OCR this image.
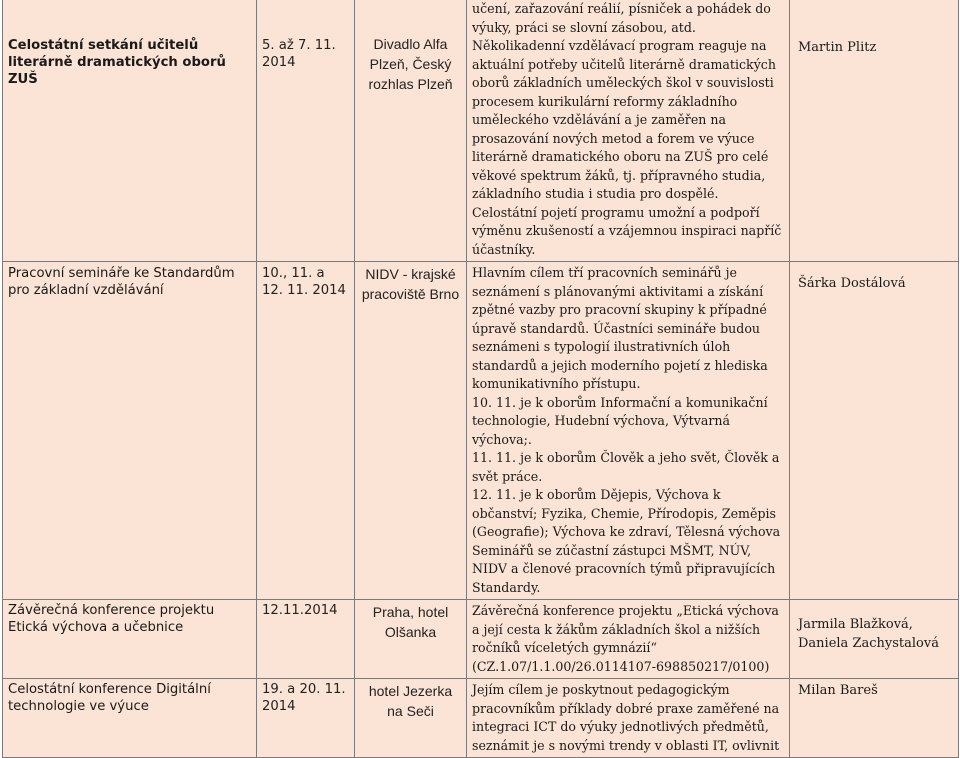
Celostátní setkání učitelů literárně dramatických oborů ZUŠ	5. až 7. 11. 2014	Divadlo Alfa Plzeň, Český rozhlas Plzeň	učení, zařazování reálií, písniček a pohádek do výuky, práci se slovní zásobou, atd.

Několikadenní vzdělávací program reaguje na aktuální potřeby učitelů literárně dramatických oborů základních uměleckých škol v souvislosti procesem kurikulární reformy základního uměleckého vzdělávání a je zaměřen na prosazování nových metod a forem ve výuce literárně dramatického oboru na ZUŠ pro celé věkové spektrum žáků, tj. přípravného studia, základního studia i studia pro dospělé. Celostátní pojetí programu umožní a podpoří výměnu zkušeností a vzájemnou inspiraci napříč účastníky.	Martin Plitz
Pracovní semináře ke Standardům pro základní vzdělávání	10., 11. a 12. 11. 2014	NIDV - krajské pracoviště Brno	Hlavním cílem tří pracovních seminářů je seznámení s plánovanými aktivitami a získání zpětné vazby pro pracovní skupiny k případné úpravě standardů. Účastníci semináře budou seznámeni s typologií ilustrativních úloh standardů a jejich moderního pojetí z hlediska komunikativního přístupu.
10. 11. je k oborům Informační a komunikační technologie, Hudební výchova, Výtvarná výchova;.
11. 11. je k oborům Člověk a jeho svět, Člověk a svět práce.
12. 11. je k oborům Dějepis, Výchova k občanství; Fyzika, Chemie, Přírodopis, Zeměpis (Geografie); Výchova ke zdraví, Tělesná výchova
Seminářů se zúčastní zástupci MŠMT, NÚV, NIDV a členové pracovních týmů připravujících Standardy.	Šárka Dostálová
Závěrečná konference projektu Etická výchova a učebnice	12.11.2014	Praha, hotel Olšanka	Závěrečná konference projektu „Etická výchova a její cesta k žákům základních škol a nižších ročníků víceletých gymnázií“ (CZ.1.07/1.1.00/26.0114107-698850217/0100)	Jarmila Blažková, Daniela Zachystalová
Celostátní konference Digitální technologie ve výuce	19. a 20. 11. 2014	hotel Jezerka na Seči	Jejím cílem je poskytnout pedagogickým pracovníkům příklady dobré praxe zaměřené na integraci ICT do výuky jednotlivých předmětů, seznámit je s novými trendy v oblasti IT, ovlivnit	Milan Bareš
